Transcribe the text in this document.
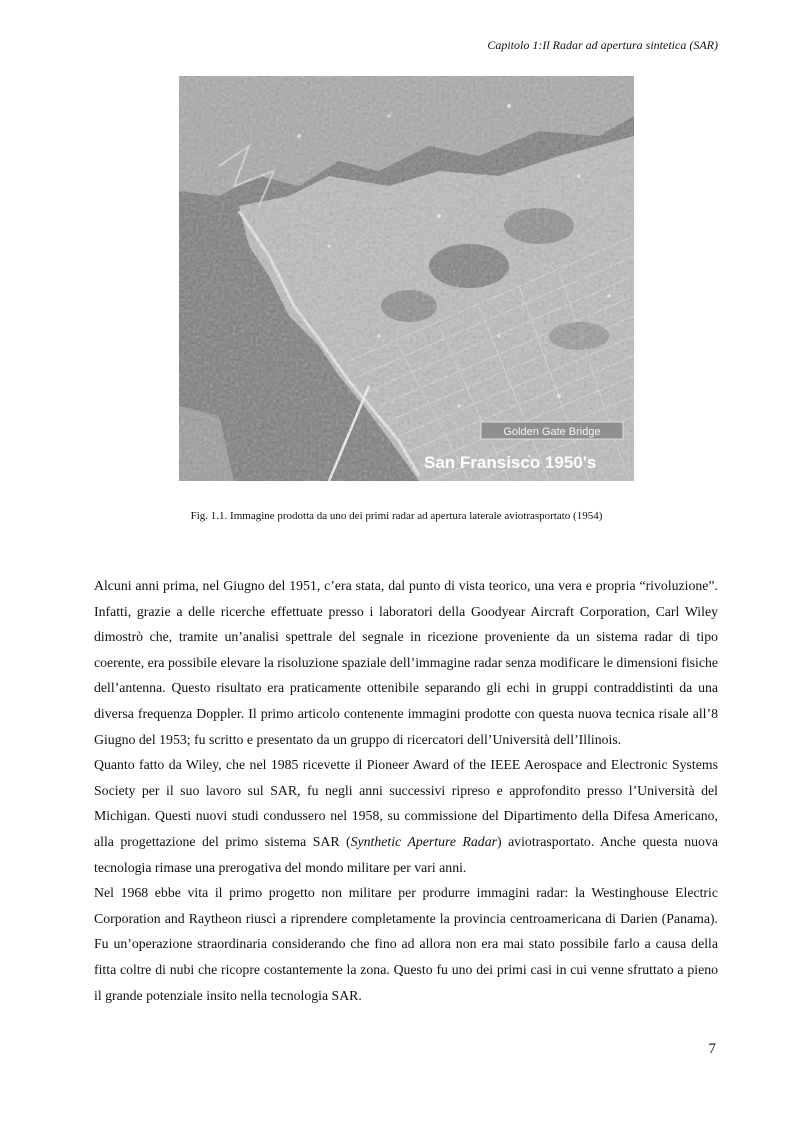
Capitolo 1:Il Radar ad apertura sintetica (SAR)
Golden Gate Bridge
San Fransisco 1950's
Fig. 1.1. Immagine prodotta da uno dei primi radar ad apertura laterale aviotrasportato (1954)

Alcuni anni prima, nel Giugno del 1951, c’era stata, dal punto di vista teorico, una vera e propria “rivoluzione”. Infatti, grazie a delle ricerche effettuate presso i laboratori della Goodyear Aircraft Corporation, Carl Wiley dimostrò che, tramite un’analisi spettrale del segnale in ricezione proveniente da un sistema radar di tipo coerente, era possibile elevare la risoluzione spaziale dell’immagine radar senza modificare le dimensioni fisiche dell’antenna. Questo risultato era praticamente ottenibile separando gli echi in gruppi contraddistinti da una diversa frequenza Doppler. Il primo articolo contenente immagini prodotte con questa nuova tecnica risale all’8 Giugno del 1953; fu scritto e presentato da un gruppo di ricercatori dell’Università dell’Illinois.

Quanto fatto da Wiley, che nel 1985 ricevette il Pioneer Award of the IEEE Aerospace and Electronic Systems Society per il suo lavoro sul SAR, fu negli anni successivi ripreso e approfondito presso l’Università del Michigan. Questi nuovi studi condussero nel 1958, su commissione del Dipartimento della Difesa Americano, alla progettazione del primo sistema SAR (Synthetic Aperture Radar) aviotrasportato. Anche questa nuova tecnologia rimase una prerogativa del mondo militare per vari anni.

Nel 1968 ebbe vita il primo progetto non militare per produrre immagini radar: la Westinghouse Electric Corporation and Raytheon riuscì a riprendere completamente la provincia centroamericana di Darien (Panama). Fu un’operazione straordinaria considerando che fino ad allora non era mai stato possibile farlo a causa della fitta coltre di nubi che ricopre costantemente la zona. Questo fu uno dei primi casi in cui venne sfruttato a pieno il grande potenziale insito nella tecnologia SAR.

7
